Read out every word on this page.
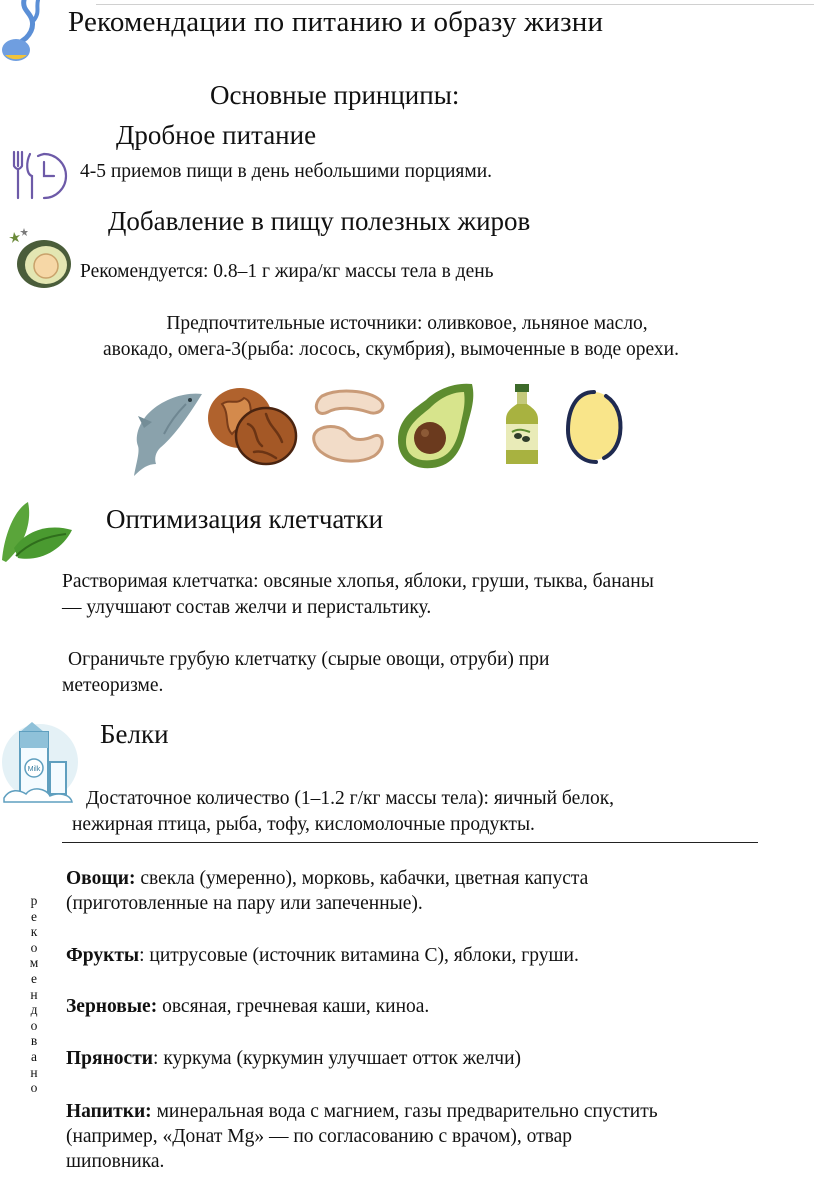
Рекомендации по питанию и образу жизни
Основные принципы:
Дробное питание
4-5 приемов пищи в день небольшими порциями.
Добавление в пищу полезных жиров
Рекомендуется: 0.8–1 г жира/кг массы тела в день
Предпочтительные источники: оливковое, льняное масло,
авокадо, омега-3(рыба: лосось, скумбрия), вымоченные в воде орехи.
Оптимизация клетчатки
Растворимая клетчатка: овсяные хлопья, яблоки, груши, тыква, бананы
— улучшают состав желчи и перистальтику.
Ограничьте грубую клетчатку (сырые овощи, отруби) при
метеоризме.
Milk
Белки
Достаточное количество (1–1.2 г/кг массы тела): яичный белок,
нежирная птица, рыба, тофу, кисломолочные продукты.
р
е
к
о
м
е
н
д
о
в
а
н
о
Овощи: свекла (умеренно), морковь, кабачки, цветная капуста
(приготовленные на пару или запеченные).
Фрукты: цитрусовые (источник витамина С), яблоки, груши.
Зерновые: овсяная, гречневая каши, киноа.
Пряности: куркума (куркумин улучшает отток желчи)
Напитки: минеральная вода с магнием, газы предварительно спустить
(например, «Донат Mg» — по согласованию с врачом), отвар
шиповника.
